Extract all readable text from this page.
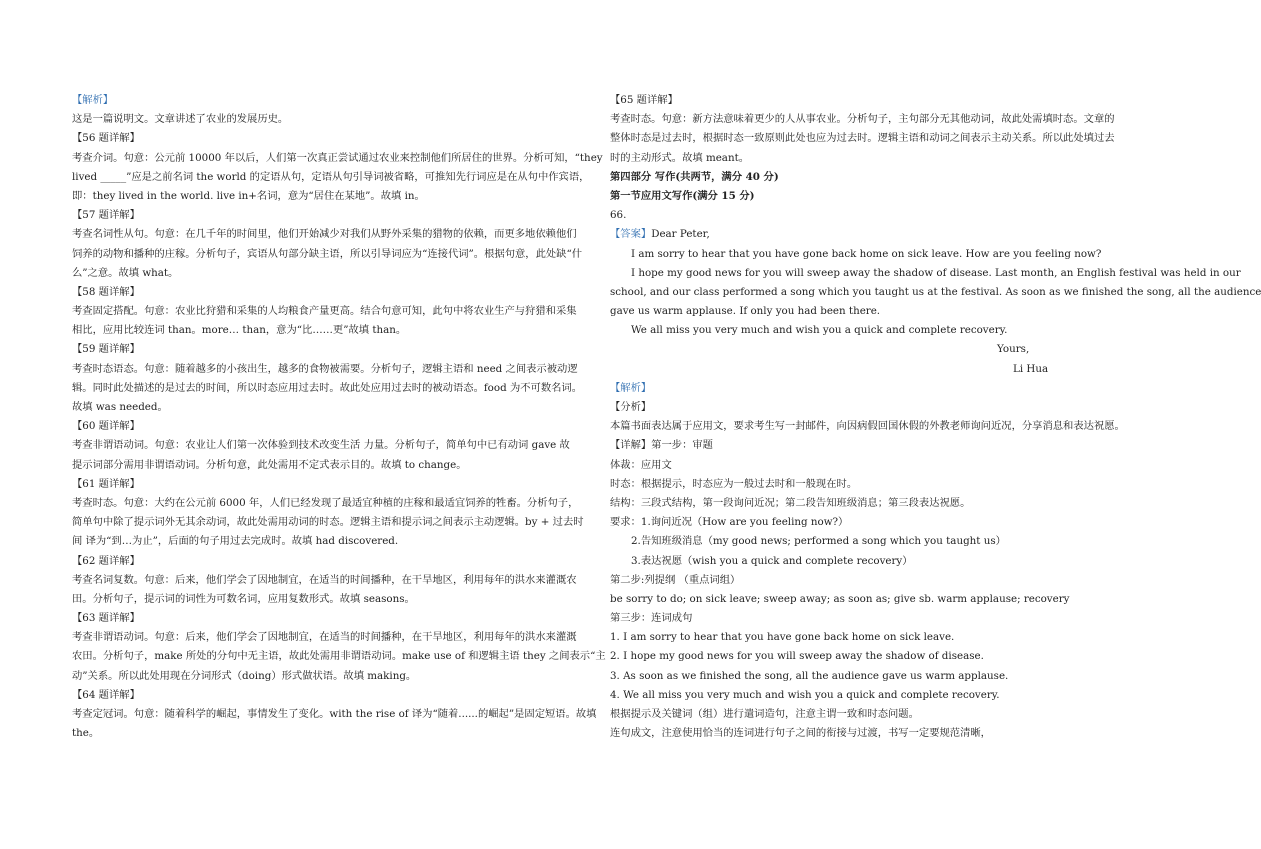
【解析】
这是一篇说明文。文章讲述了农业的发展历史。
【56 题详解】
考查介词。句意：公元前 10000 年以后，人们第一次真正尝试通过农业来控制他们所居住的世界。分析可知，“they
lived _____”应是之前名词 the world 的定语从句，定语从句引导词被省略，可推知先行词应是在从句中作宾语，
即：they lived in the world. live in+名词，意为“居住在某地”。故填 in。
【57 题详解】
考查名词性从句。句意：在几千年的时间里，他们开始减少对我们从野外采集的猎物的依赖，而更多地依赖他们
饲养的动物和播种的庄稼。分析句子，宾语从句部分缺主语，所以引导词应为“连接代词”。根据句意，此处缺“什
么”之意。故填 what。
【58 题详解】
考查固定搭配。句意：农业比狩猎和采集的人均粮食产量更高。结合句意可知，此句中将农业生产与狩猎和采集
相比，应用比较连词 than。more… than，意为“比……更”故填 than。
【59 题详解】
考查时态语态。句意：随着越多的小孩出生，越多的食物被需要。分析句子，逻辑主语和 need 之间表示被动逻
辑。同时此处描述的是过去的时间，所以时态应用过去时。故此处应用过去时的被动语态。food 为不可数名词。
故填 was needed。
【60 题详解】
考查非谓语动词。句意：农业让人们第一次体验到技术改变生活 力量。分析句子，简单句中已有动词 gave 故
提示词部分需用非谓语动词。分析句意，此处需用不定式表示目的。故填 to change。
【61 题详解】
考查时态。句意：大约在公元前 6000 年，人们已经发现了最适宜种植的庄稼和最适宜饲养的牲畜。分析句子，
简单句中除了提示词外无其余动词，故此处需用动词的时态。逻辑主语和提示词之间表示主动逻辑。by + 过去时
间 译为“到…为止”，后面的句子用过去完成时。故填 had discovered.
【62 题详解】
考查名词复数。句意：后来，他们学会了因地制宜，在适当的时间播种，在干旱地区，利用每年的洪水来灌溉农
田。分析句子，提示词的词性为可数名词，应用复数形式。故填 seasons。
【63 题详解】
考查非谓语动词。句意：后来，他们学会了因地制宜，在适当的时间播种，在干旱地区，利用每年的洪水来灌溉
农田。分析句子，make 所处的分句中无主语，故此处需用非谓语动词。make use of 和逻辑主语 they 之间表示“主
动”关系。所以此处用现在分词形式（doing）形式做状语。故填 making。
【64 题详解】
考查定冠词。句意：随着科学的崛起，事情发生了变化。with the rise of 译为“随着......的崛起”是固定短语。故填
the。
【65 题详解】
考查时态。句意：新方法意味着更少的人从事农业。分析句子，主句部分无其他动词，故此处需填时态。文章的
整体时态是过去时，根据时态一致原则此处也应为过去时。逻辑主语和动词之间表示主动关系。所以此处填过去
时的主动形式。故填 meant。
第四部分 写作(共两节，满分 40 分)
第一节应用文写作(满分 15 分)
66.
【答案】Dear Peter,
I am sorry to hear that you have gone back home on sick leave. How are you feeling now?
I hope my good news for you will sweep away the shadow of disease. Last month, an English festival was held in our
school, and our class performed a song which you taught us at the festival. As soon as we finished the song, all the audience
gave us warm applause. If only you had been there.
We all miss you very much and wish you a quick and complete recovery.
Yours,
Li Hua
【解析】
【分析】
本篇书面表达属于应用文，要求考生写一封邮件，向因病假回国休假的外教老师询问近况，分享消息和表达祝愿。
【详解】第一步：审题
体裁：应用文
时态：根据提示，时态应为一般过去时和一般现在时。
结构：三段式结构，第一段询问近况；第二段告知班级消息；第三段表达祝愿。
要求：1.询问近况（How are you feeling now?）
2.告知班级消息（my good news; performed a song which you taught us）
3.表达祝愿（wish you a quick and complete recovery）
第二步:列提纲 （重点词组）
be sorry to do; on sick leave; sweep away; as soon as; give sb. warm applause; recovery
第三步：连词成句
1. I am sorry to hear that you have gone back home on sick leave.
2. I hope my good news for you will sweep away the shadow of disease.
3. As soon as we finished the song, all the audience gave us warm applause.
4. We all miss you very much and wish you a quick and complete recovery.
根据提示及关键词（组）进行遣词造句，注意主谓一致和时态问题。
连句成文，注意使用恰当的连词进行句子之间的衔接与过渡，书写一定要规范清晰，
